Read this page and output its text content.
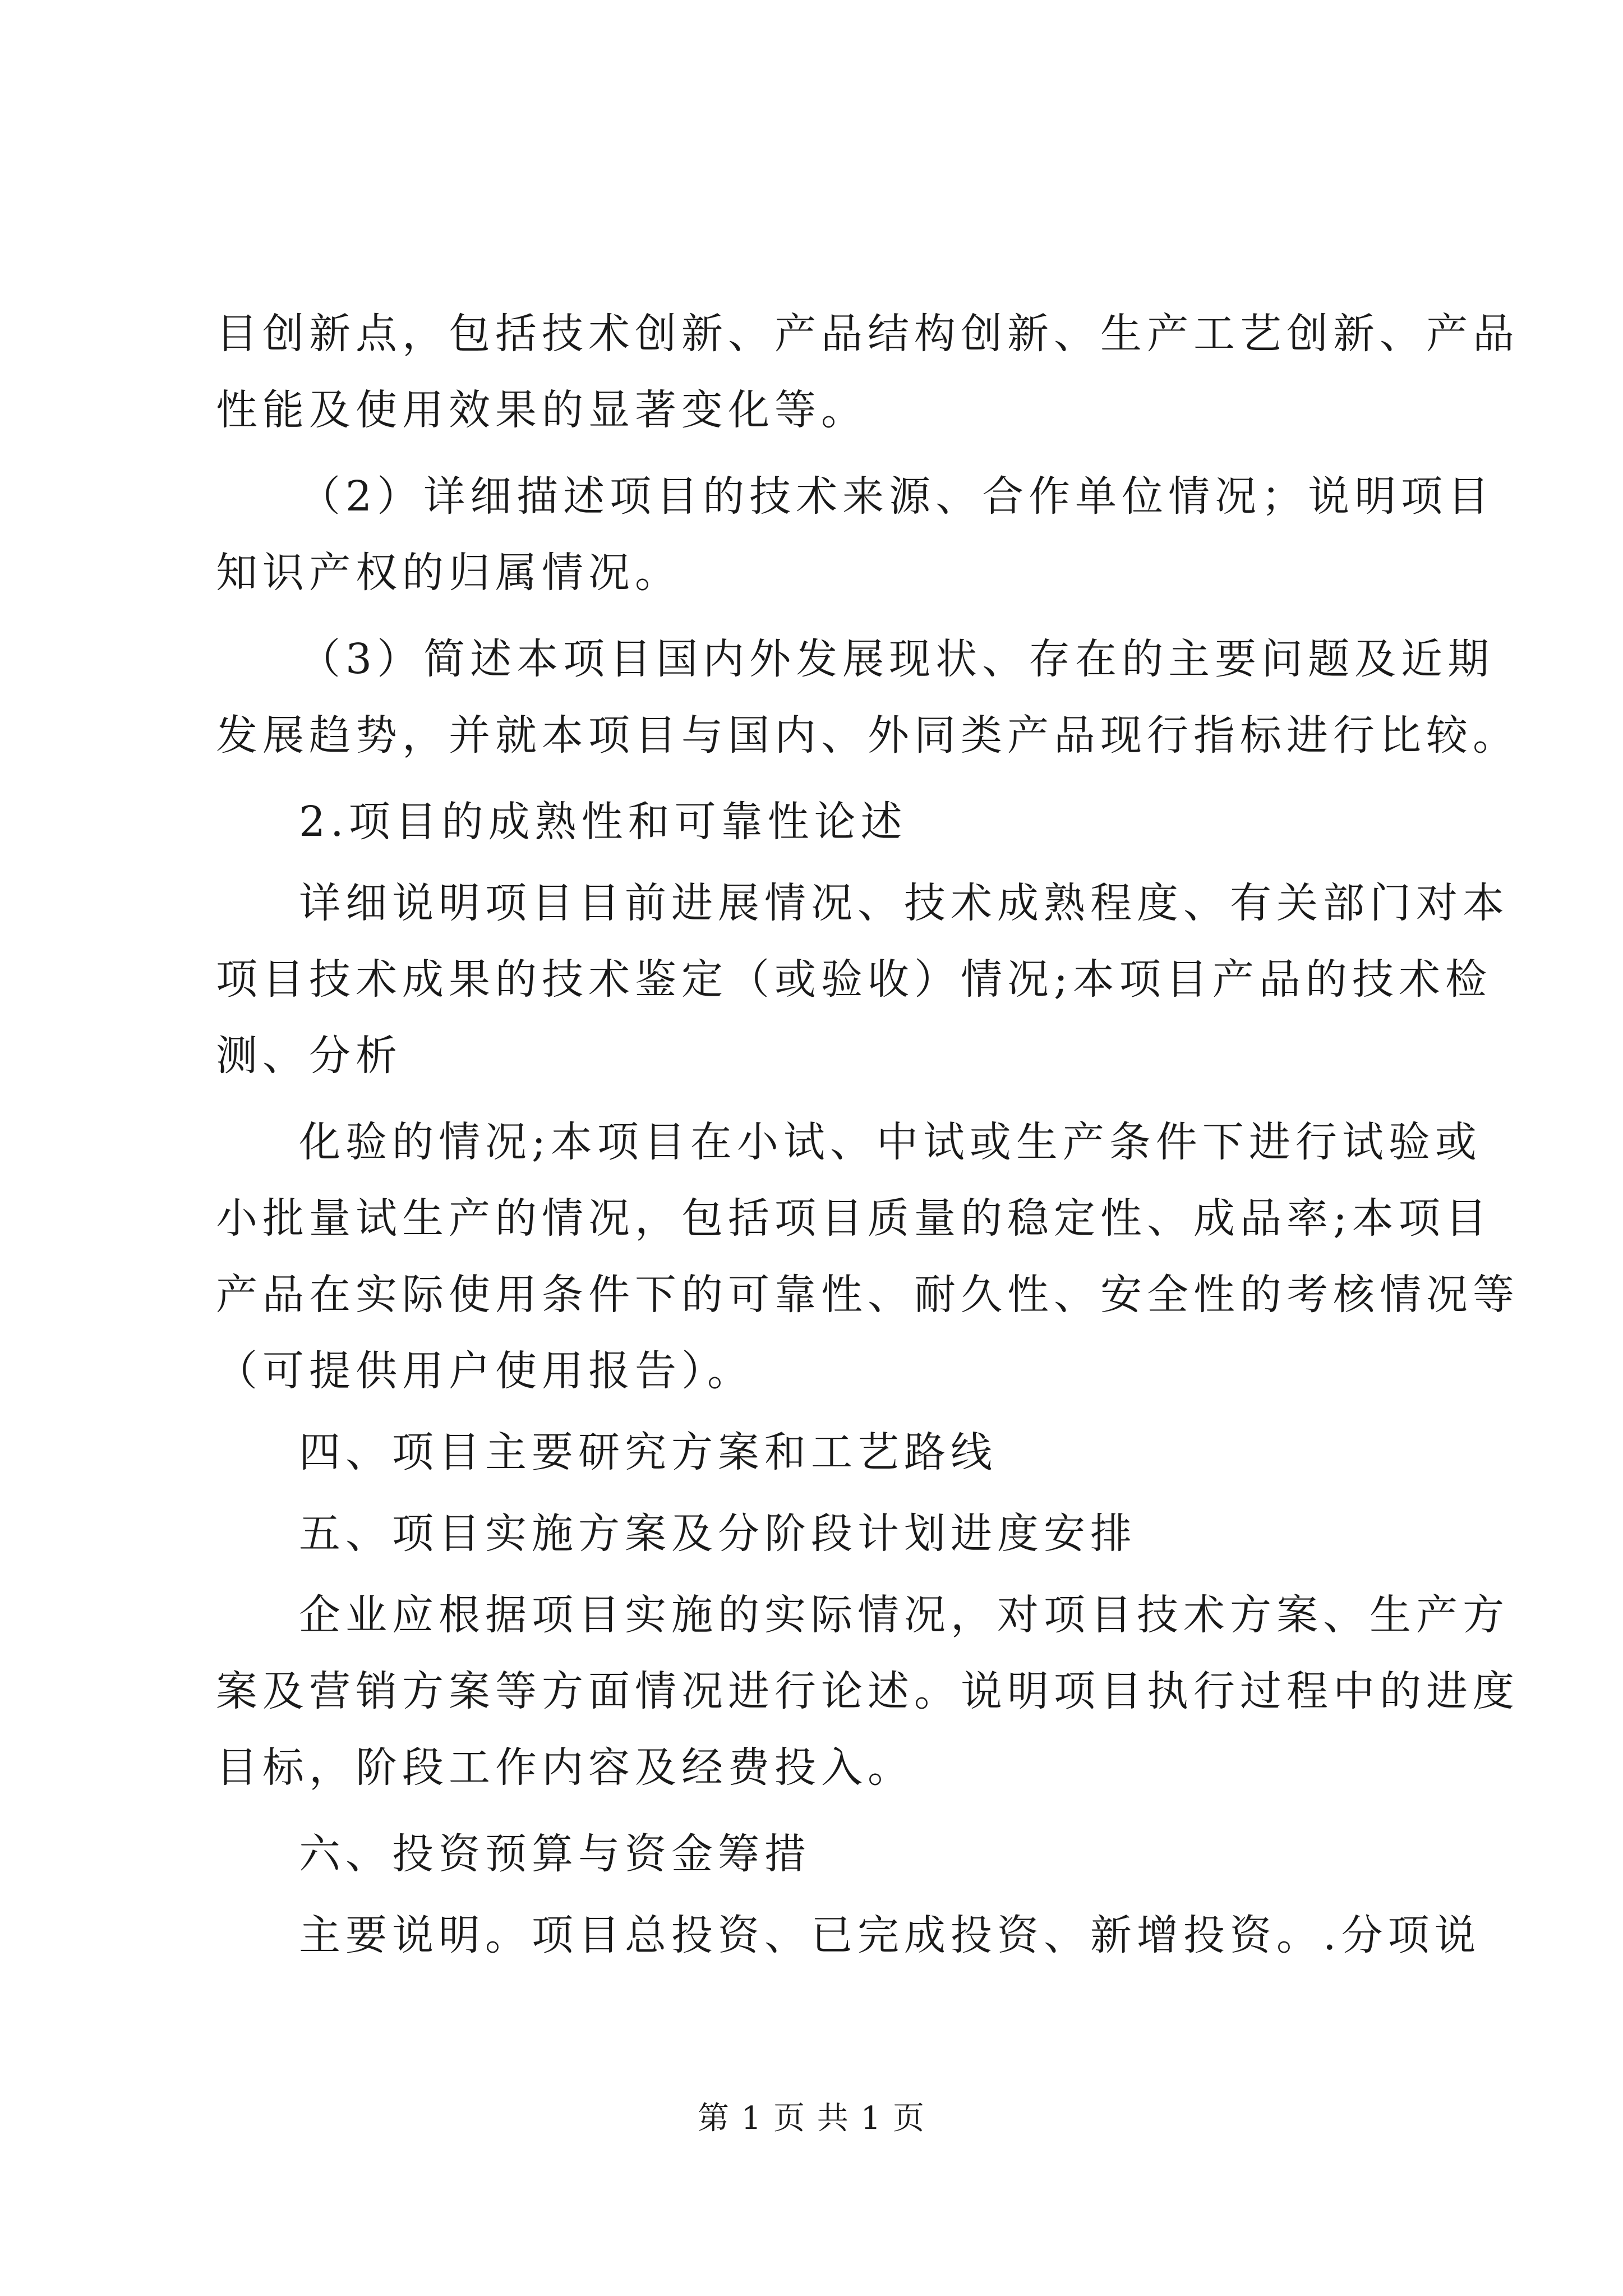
目创新点，包括技术创新、产品结构创新、生产工艺创新、产品
性能及使用效果的显著变化等。
（2）详细描述项目的技术来源、合作单位情况；说明项目
知识产权的归属情况。
（3）简述本项目国内外发展现状、存在的主要问题及近期
发展趋势，并就本项目与国内、外同类产品现行指标进行比较。
2.项目的成熟性和可靠性论述
详细说明项目目前进展情况、技术成熟程度、有关部门对本
项目技术成果的技术鉴定（或验收）情况;本项目产品的技术检
测、分析
化验的情况;本项目在小试、中试或生产条件下进行试验或
小批量试生产的情况，包括项目质量的稳定性、成品率;本项目
产品在实际使用条件下的可靠性、耐久性、安全性的考核情况等
（可提供用户使用报告）。
四、项目主要研究方案和工艺路线
五、项目实施方案及分阶段计划进度安排
企业应根据项目实施的实际情况，对项目技术方案、生产方
案及营销方案等方面情况进行论述。说明项目执行过程中的进度
目标，阶段工作内容及经费投入。
六、投资预算与资金筹措
主要说明。项目总投资、已完成投资、新增投资。.分项说
第 1 页 共 1 页
